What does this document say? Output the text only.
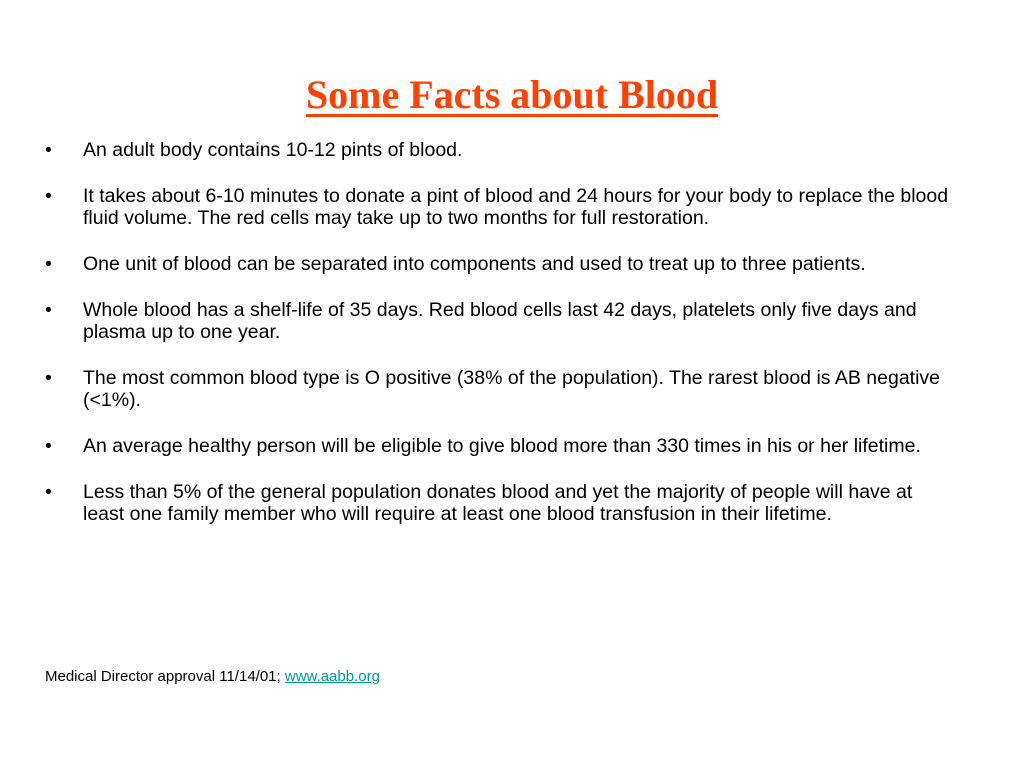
Some Facts about Blood
•	An adult body contains 10-12 pints of blood.
•	It takes about 6-10 minutes to donate a pint of blood and 24 hours for your body to replace the blood fluid volume. The red cells may take up to two months for full restoration.
•	One unit of blood can be separated into components and used to treat up to three patients.
•	Whole blood has a shelf-life of 35 days. Red blood cells last 42 days, platelets only five days and plasma up to one year.
•	The most common blood type is O positive (38% of the population). The rarest blood is AB negative (<1%).
•	An average healthy person will be eligible to give blood more than 330 times in his or her lifetime.
•	Less than 5% of the general population donates blood and yet the majority of people will have at least one family member who will require at least one blood transfusion in their lifetime.
Medical Director approval 11/14/01; www.aabb.org
